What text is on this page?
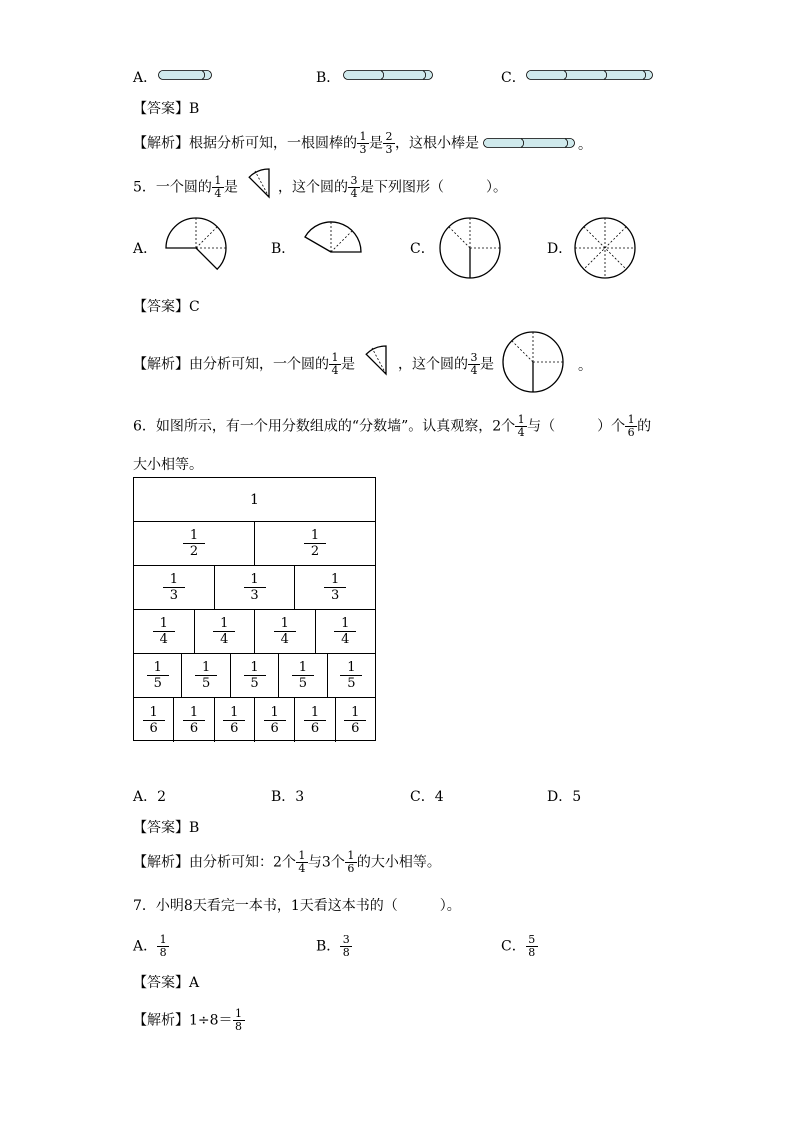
A．	B．	C．
【答案】B
【解析】根据分析可知，一根圆棒的 $\frac{1}{3}$ 是 $\frac{2}{3}$ ，这根小棒是	。
5．一个圆的 $\frac{1}{4}$ 是	，这个圆的 $\frac{3}{4}$ 是下列图形（　　　）。
A．	B．	C．	D．
【答案】C
【解析】由分析可知，一个圆的 $\frac{1}{4}$ 是	，这个圆的 $\frac{3}{4}$ 是	。
6．如图所示，有一个用分数组成的“分数墙”。认真观察，2个 $\frac{1}{4}$ 与（　　　）个 $\frac{1}{6}$ 的
大小相等。
1
$\frac{1}{2}$	$\frac{1}{2}$
$\frac{1}{3}$	$\frac{1}{3}$	$\frac{1}{3}$
$\frac{1}{4}$	$\frac{1}{4}$	$\frac{1}{4}$	$\frac{1}{4}$
$\frac{1}{5} \frac{1}{5} \frac{1}{5} \frac{1}{5} \frac{1}{5}$
$\frac{1}{6} \frac{1}{6} \frac{1}{6} \frac{1}{6} \frac{1}{6} \frac{1}{6}$
A．2	B．3	C．4	D．5
【答案】B
【解析】由分析可知：2个 $\frac{1}{4}$ 与3个 $\frac{1}{6}$ 的大小相等。
7．小明8天看完一本书，1天看这本书的（　　　）。
A． $\frac{1}{8}$	B． $\frac{3}{8}$	C． $\frac{5}{8}$
【答案】A
【解析】$1\div 8= \frac{1}{8}$
